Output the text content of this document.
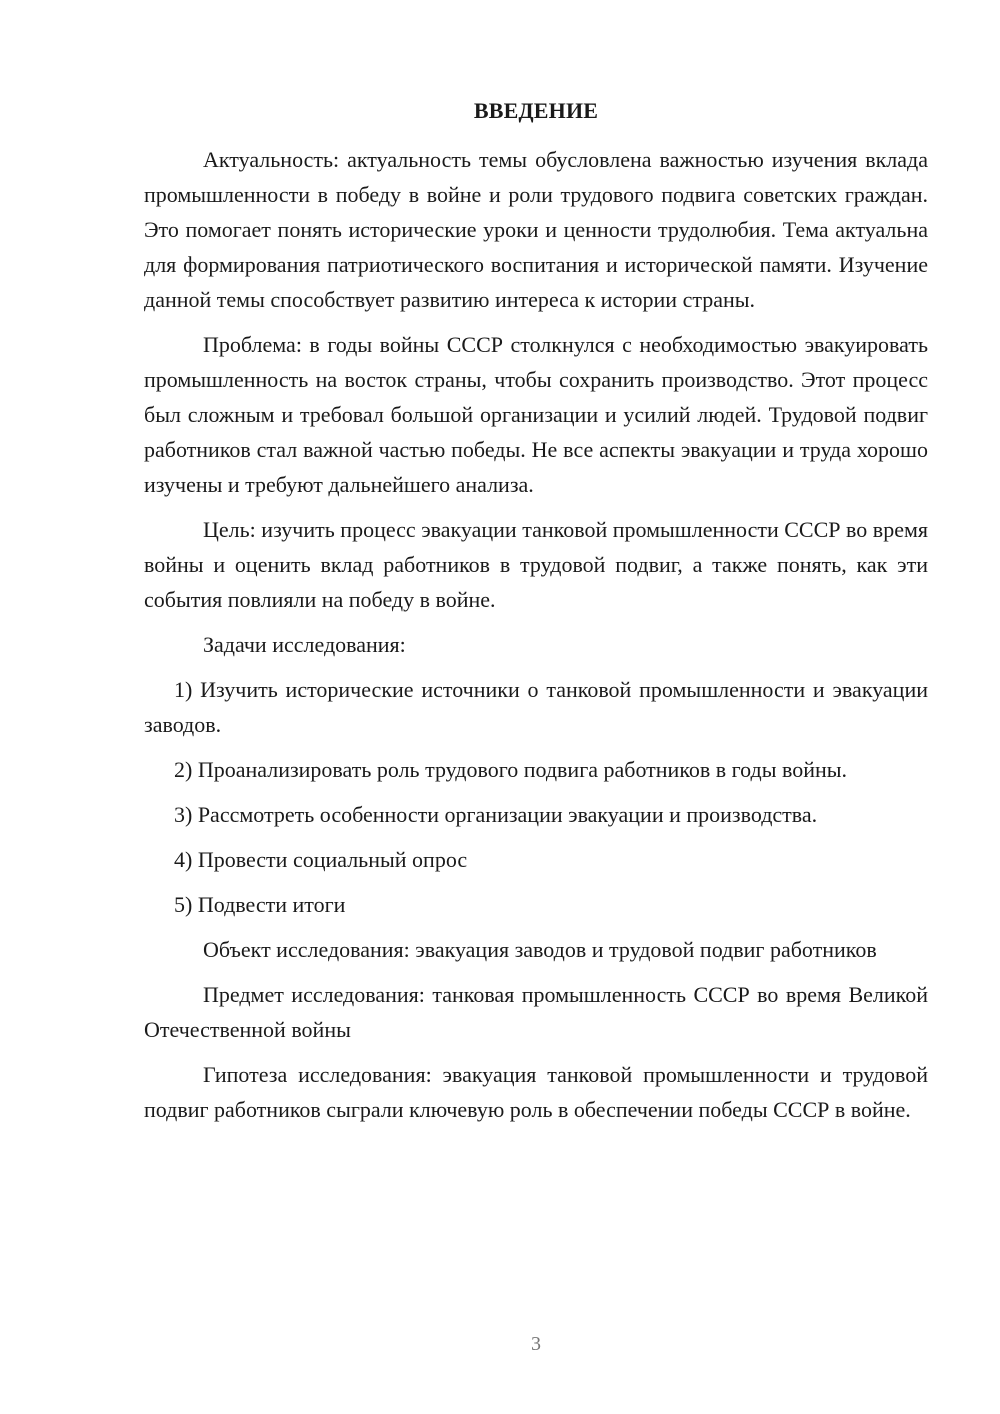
ВВЕДЕНИЕ

Актуальность: актуальность темы обусловлена важностью изучения вклада промышленности в победу в войне и роли трудового подвига советских граждан. Это помогает понять исторические уроки и ценности трудолюбия. Тема актуальна для формирования патриотического воспитания и исторической памяти. Изучение данной темы способствует развитию интереса к истории страны.

Проблема: в годы войны СССР столкнулся с необходимостью эвакуировать промышленность на восток страны, чтобы сохранить производство. Этот процесс был сложным и требовал большой организации и усилий людей. Трудовой подвиг работников стал важной частью победы. Не все аспекты эвакуации и труда хорошо изучены и требуют дальнейшего анализа.

Цель: изучить процесс эвакуации танковой промышленности СССР во время войны и оценить вклад работников в трудовой подвиг, а также понять, как эти события повлияли на победу в войне.

Задачи исследования:

1) Изучить исторические источники о танковой промышленности и эвакуации заводов.

2) Проанализировать роль трудового подвига работников в годы войны.

3) Рассмотреть особенности организации эвакуации и производства.

4) Провести социальный опрос

5) Подвести итоги

Объект исследования: эвакуация заводов и трудовой подвиг работников

Предмет исследования: танковая промышленность СССР во время Великой Отечественной войны

Гипотеза исследования: эвакуация танковой промышленности и трудовой подвиг работников сыграли ключевую роль в обеспечении победы СССР в войне.

3
